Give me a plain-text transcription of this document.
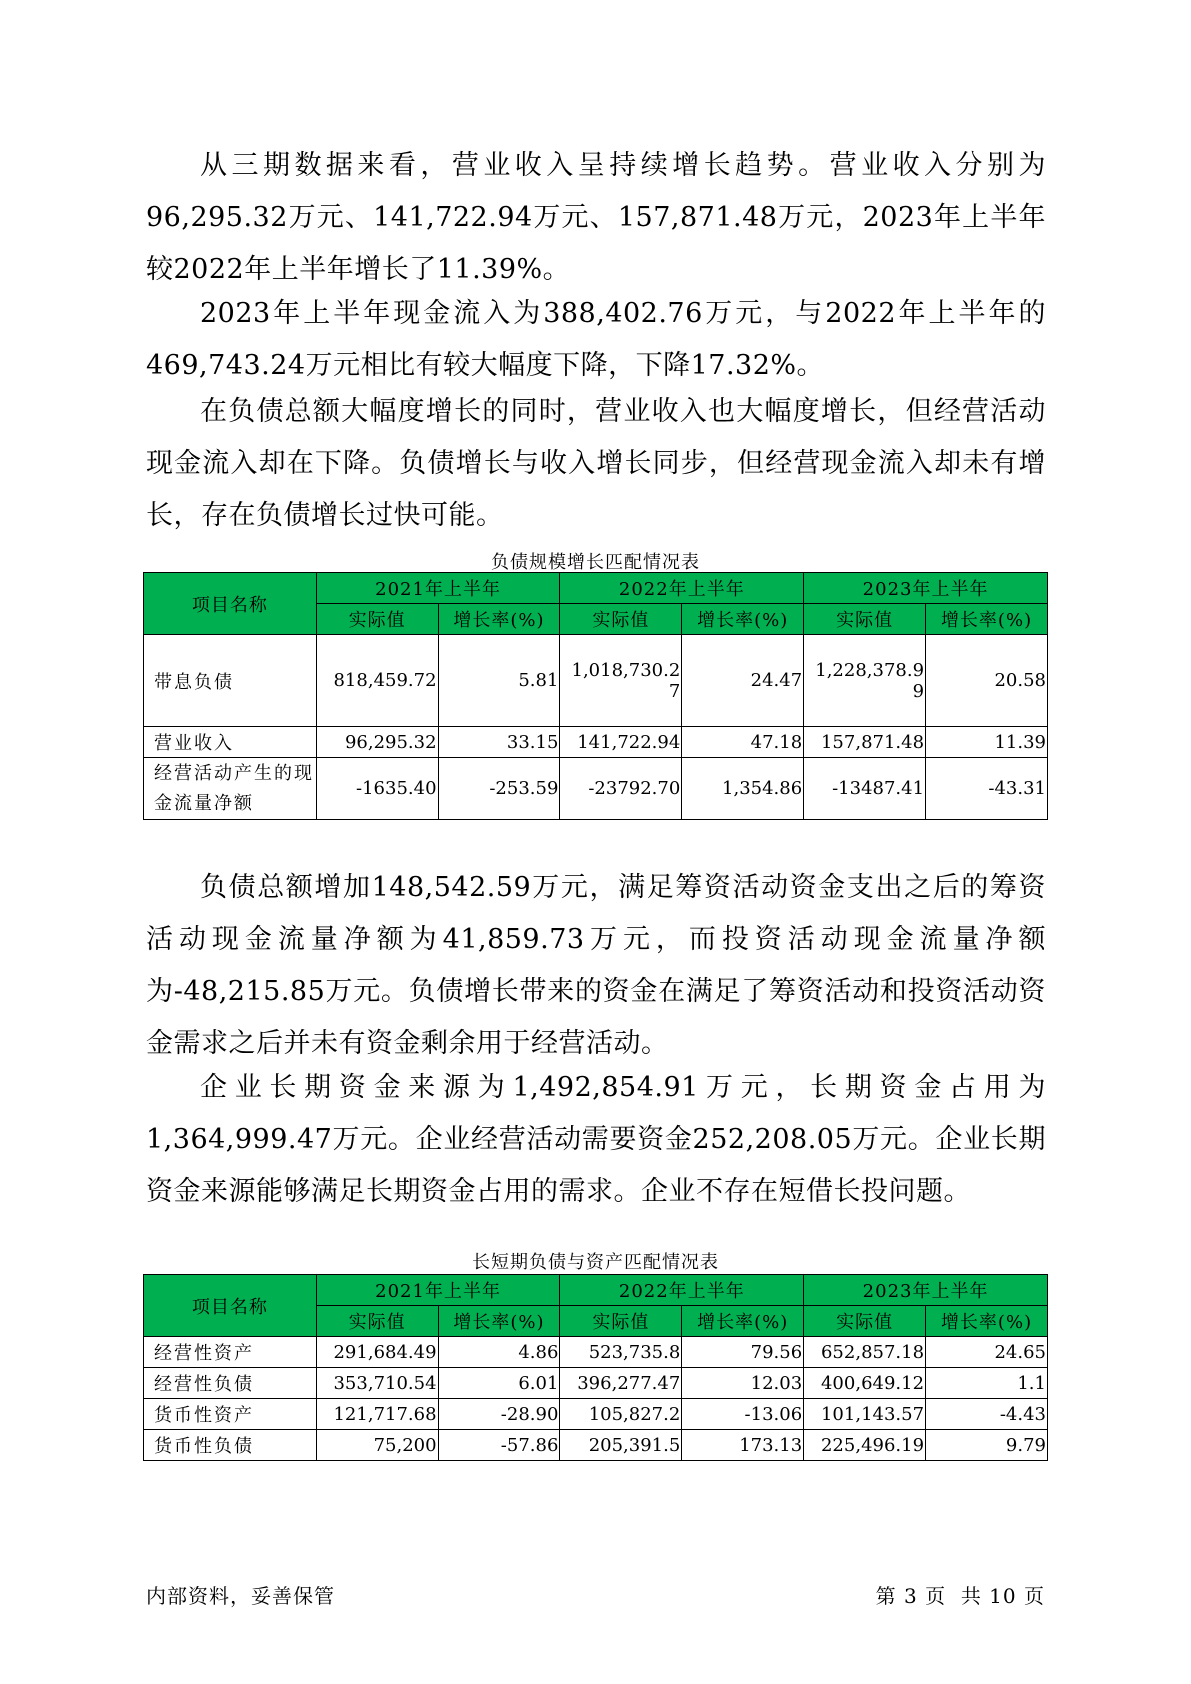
从三期数据来看，营业收入呈持续增长趋势。营业收入分别为96,295.32万元、141,722.94万元、157,871.48万元，2023年上半年较2022年上半年增长了11.39%。

2023年上半年现金流入为388,402.76万元，与2022年上半年的469,743.24万元相比有较大幅度下降，下降17.32%。

在负债总额大幅度增长的同时，营业收入也大幅度增长，但经营活动现金流入却在下降。负债增长与收入增长同步，但经营现金流入却未有增长，存在负债增长过快可能。

负债规模增长匹配情况表

项目名称	2021年上半年		2022年上半年		2023年上半年	
	实际值	增长率(%)	实际值	增长率(%)	实际值	增长率(%)
带息负债	818,459.72	5.81	1,018,730.27	24.47	1,228,378.99	20.58
营业收入	96,295.32	33.15	141,722.94	47.18	157,871.48	11.39
经营活动产生的现金流量净额	-1635.40	-253.59	-23792.70	1,354.86	-13487.41	-43.31

负债总额增加148,542.59万元，满足筹资活动资金支出之后的筹资活动现金流量净额为41,859.73万元，而投资活动现金流量净额为-48,215.85万元。负债增长带来的资金在满足了筹资活动和投资活动资金需求之后并未有资金剩余用于经营活动。

企业长期资金来源为1,492,854.91万元，长期资金占用为1,364,999.47万元。企业经营活动需要资金252,208.05万元。企业长期资金来源能够满足长期资金占用的需求。企业不存在短借长投问题。

长短期负债与资产匹配情况表

项目名称	2021年上半年		2022年上半年		2023年上半年	
	实际值	增长率(%)	实际值	增长率(%)	实际值	增长率(%)
经营性资产	291,684.49	4.86	523,735.8	79.56	652,857.18	24.65
经营性负债	353,710.54	6.01	396,277.47	12.03	400,649.12	1.1
货币性资产	121,717.68	-28.90	105,827.2	-13.06	101,143.57	-4.43
货币性负债	75,200	-57.86	205,391.5	173.13	225,496.19	9.79
内部资料，妥善保管	第 3 页  共 10 页
